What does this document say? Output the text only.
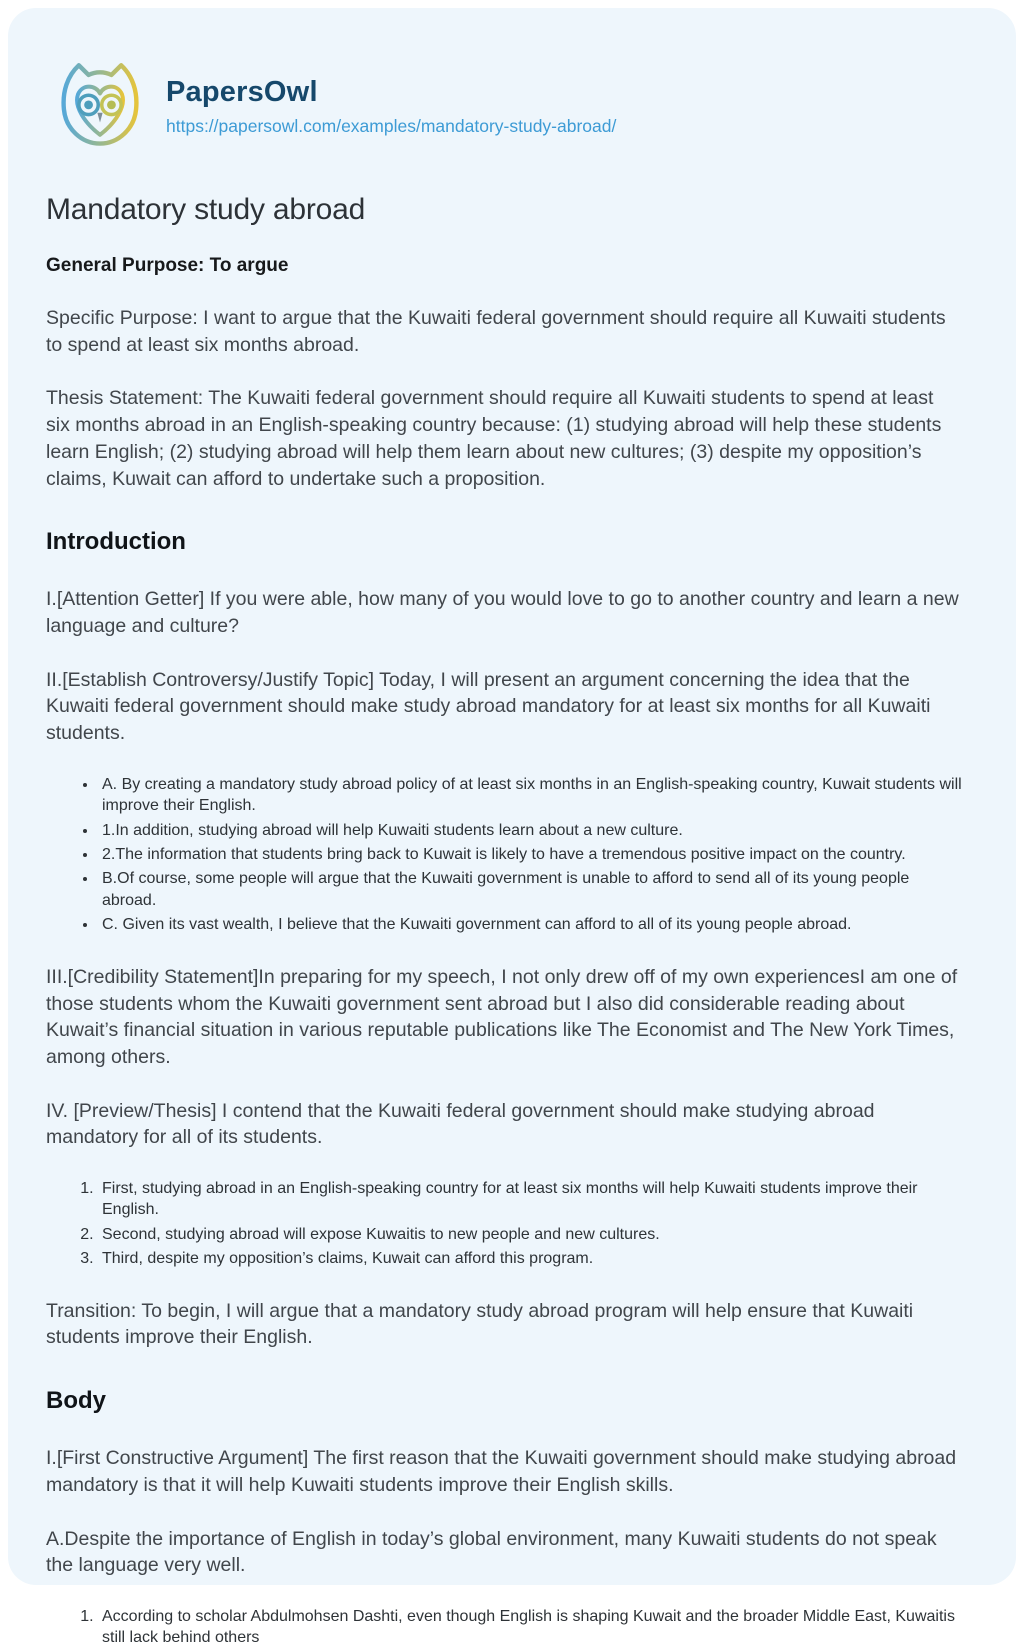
PapersOwl
https://papersowl.com/examples/mandatory-study-abroad/
Mandatory study abroad

General Purpose: To argue

Specific Purpose: I want to argue that the Kuwaiti federal government should require all Kuwaiti students to spend at least six months abroad.

Thesis Statement: The Kuwaiti federal government should require all Kuwaiti students to spend at least six months abroad in an English-speaking country because: (1) studying abroad will help these students learn English; (2) studying abroad will help them learn about new cultures; (3) despite my opposition’s claims, Kuwait can afford to undertake such a proposition.

Introduction

I.[Attention Getter] If you were able, how many of you would love to go to another country and learn a new language and culture?

II.[Establish Controversy/Justify Topic] Today, I will present an argument concerning the idea that the Kuwaiti federal government should make study abroad mandatory for at least six months for all Kuwaiti students.

• A. By creating a mandatory study abroad policy of at least six months in an English-speaking country, Kuwait students will improve their English.
• 1.In addition, studying abroad will help Kuwaiti students learn about a new culture.
• 2.The information that students bring back to Kuwait is likely to have a tremendous positive impact on the country.
• B.Of course, some people will argue that the Kuwaiti government is unable to afford to send all of its young people abroad.
• C. Given its vast wealth, I believe that the Kuwaiti government can afford to all of its young people abroad.

III.[Credibility Statement]In preparing for my speech, I not only drew off of my own experiencesI am one of those students whom the Kuwaiti government sent abroad but I also did considerable reading about Kuwait’s financial situation in various reputable publications like The Economist and The New York Times, among others.

IV. [Preview/Thesis] I contend that the Kuwaiti federal government should make studying abroad mandatory for all of its students.

1. First, studying abroad in an English-speaking country for at least six months will help Kuwaiti students improve their English.
2. Second, studying abroad will expose Kuwaitis to new people and new cultures.
3. Third, despite my opposition’s claims, Kuwait can afford this program.

Transition: To begin, I will argue that a mandatory study abroad program will help ensure that Kuwaiti students improve their English.

Body

I.[First Constructive Argument] The first reason that the Kuwaiti government should make studying abroad mandatory is that it will help Kuwaiti students improve their English skills.

A.Despite the importance of English in today’s global environment, many Kuwaiti students do not speak the language very well.

1. According to scholar Abdulmohsen Dashti, even though English is shaping Kuwait and the broader Middle East, Kuwaitis still lack behind others
